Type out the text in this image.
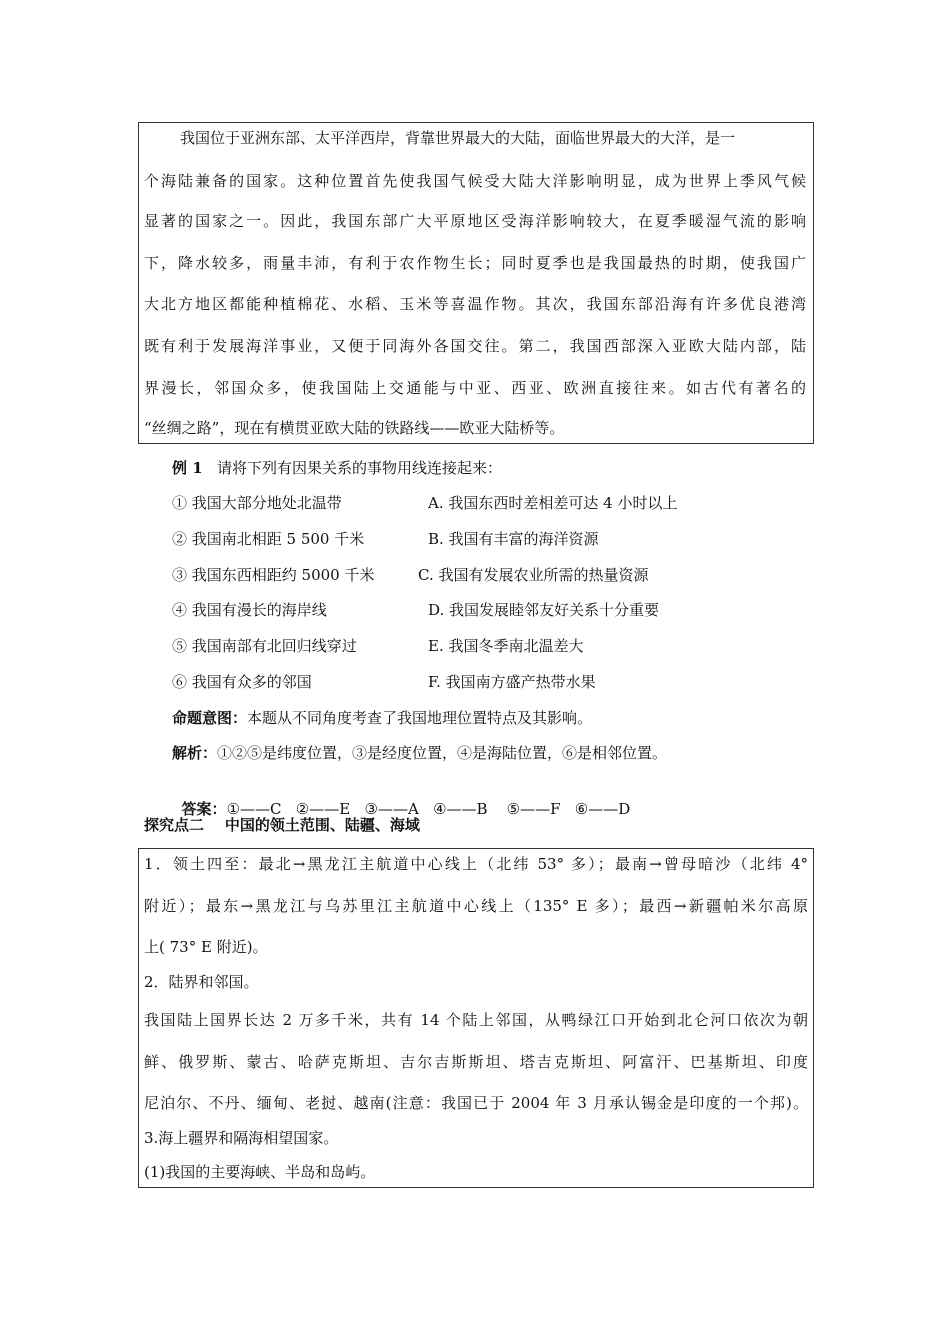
我国位于亚洲东部、太平洋西岸，背靠世界最大的大陆，面临世界最大的大洋，是一
个海陆兼备的国家。这种位置首先使我国气候受大陆大洋影响明显，成为世界上季风气候
显著的国家之一。因此，我国东部广大平原地区受海洋影响较大，在夏季暖湿气流的影响
下，降水较多，雨量丰沛，有利于农作物生长；同时夏季也是我国最热的时期，使我国广
大北方地区都能种植棉花、水稻、玉米等喜温作物。其次，我国东部沿海有许多优良港湾
既有利于发展海洋事业，又便于同海外各国交往。第二，我国西部深入亚欧大陆内部，陆
界漫长，邻国众多，使我国陆上交通能与中亚、西亚、欧洲直接往来。如古代有著名的
“丝绸之路”，现在有横贯亚欧大陆的铁路线——欧亚大陆桥等。
例 1 请将下列有因果关系的事物用线连接起来：
① 我国大部分地处北温带
② 我国南北相距 5 500 千米
③ 我国东西相距约 5000 千米
④ 我国有漫长的海岸线
⑤ 我国南部有北回归线穿过
⑥ 我国有众多的邻国
A. 我国东西时差相差可达 4 小时以上
B. 我国有丰富的海洋资源
C. 我国有发展农业所需的热量资源
D. 我国发展睦邻友好关系十分重要
E. 我国冬季南北温差大
F. 我国南方盛产热带水果
命题意图：本题从不同角度考查了我国地理位置特点及其影响。
解析：①②⑤是纬度位置，③是经度位置，④是海陆位置，⑥是相邻位置。

答案：①——C   ②——E   ③——A   ④——B    ⑤——F   ⑥——D

探究点二    中国的领土范围、陆疆、海域
1．领土四至：最北→黑龙江主航道中心线上（北纬 53° 多）；最南→曾母暗沙（北纬 4°
附近）；最东→黑龙江与乌苏里江主航道中心线上（135° E 多）；最西→新疆帕米尔高原
上( 73° E 附近)。
2．陆界和邻国。
我国陆上国界长达 2 万多千米，共有 14 个陆上邻国，从鸭绿江口开始到北仑河口依次为朝
鲜、俄罗斯、蒙古、哈萨克斯坦、吉尔吉斯斯坦、塔吉克斯坦、阿富汗、巴基斯坦、印度
尼泊尔、不丹、缅甸、老挝、越南(注意：我国已于 2004 年 3 月承认锡金是印度的一个邦)。
3.海上疆界和隔海相望国家。
(1)我国的主要海峡、半岛和岛屿。
